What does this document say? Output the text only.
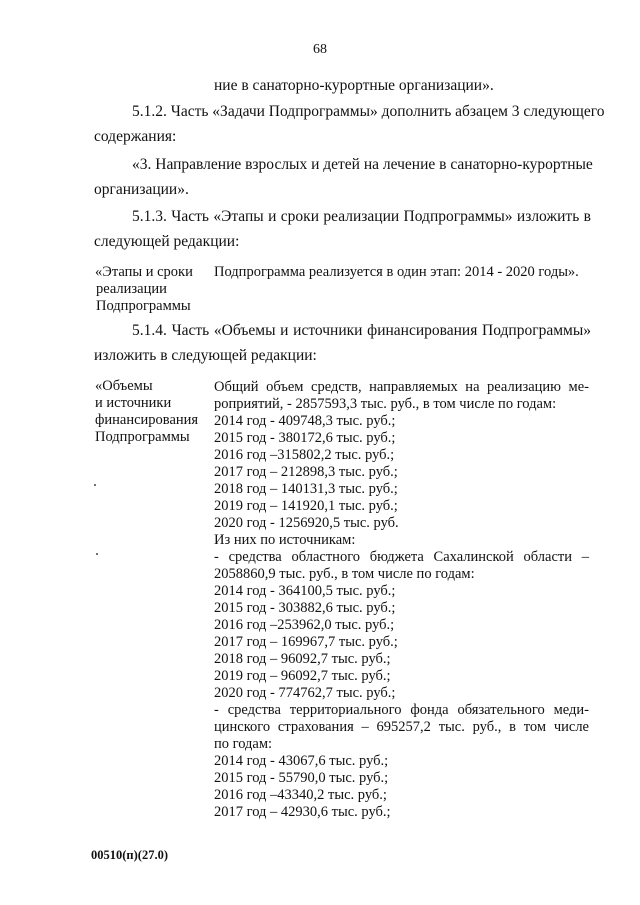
68
ние в санаторно-курортные организации».
5.1.2. Часть «Задачи Подпрограммы» дополнить абзацем 3 следующего
содержания:
«3. Направление взрослых и детей на лечение в санаторно-курортные
организации».
5.1.3. Часть «Этапы и сроки реализации Подпрограммы» изложить в
следующей редакции:
«Этапы и сроки
реализации
Подпрограммы
Подпрограмма реализуется в один этап: 2014 - 2020 годы».
5.1.4. Часть «Объемы и источники финансирования Подпрограммы»
изложить в следующей редакции:
«Объемы
и источники
финансирования
Подпрограммы
Общий объем средств, направляемых на реализацию ме-
роприятий, - 2857593,3 тыс. руб., в том числе по годам:
2014 год - 409748,3 тыс. руб.;
2015 год - 380172,6 тыс. руб.;
2016 год –315802,2 тыс. руб.;
2017 год – 212898,3 тыс. руб.;
2018 год – 140131,3 тыс. руб.;
2019 год – 141920,1 тыс. руб.;
2020 год - 1256920,5 тыс. руб.
Из них по источникам:
- средства областного бюджета Сахалинской области –
2058860,9 тыс. руб., в том числе по годам:
2014 год - 364100,5 тыс. руб.;
2015 год - 303882,6 тыс. руб.;
2016 год –253962,0 тыс. руб.;
2017 год – 169967,7 тыс. руб.;
2018 год – 96092,7 тыс. руб.;
2019 год – 96092,7 тыс. руб.;
2020 год - 774762,7 тыс. руб.;
- средства территориального фонда обязательного меди-
цинского страхования – 695257,2 тыс. руб., в том числе
по годам:
2014 год - 43067,6 тыс. руб.;
2015 год - 55790,0 тыс. руб.;
2016 год –43340,2 тыс. руб.;
2017 год – 42930,6 тыс. руб.;
00510(п)(27.0)
